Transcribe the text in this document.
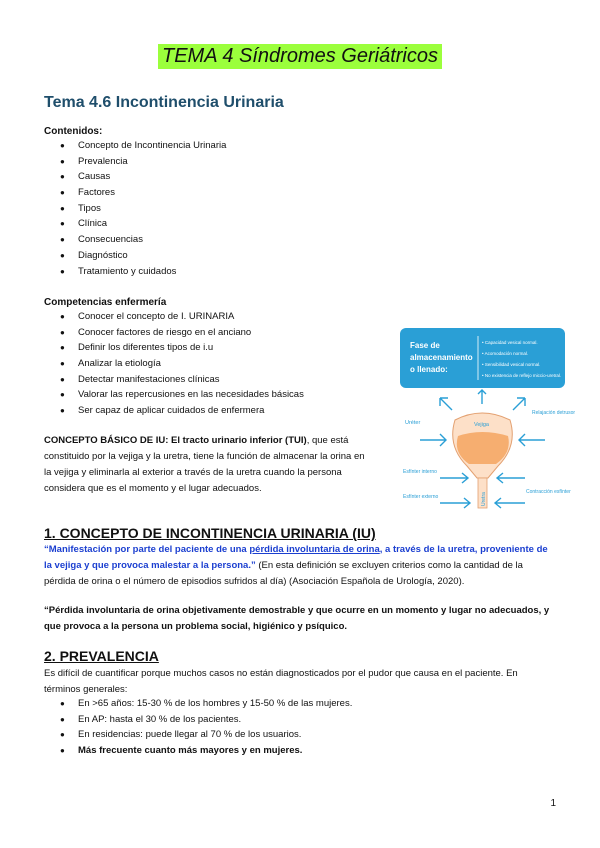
TEMA 4 Síndromes Geriátricos
Tema 4.6 Incontinencia Urinaria
Contenidos:
● Concepto de Incontinencia Urinaria
● Prevalencia
● Causas
● Factores
● Tipos
● Clínica
● Consecuencias
● Diagnóstico
● Tratamiento y cuidados
Competencias enfermería
● Conocer el concepto de I. URINARIA
● Conocer factores de riesgo en el anciano
● Definir los diferentes tipos de i.u
● Analizar la etiología
● Detectar manifestaciones clínicas
● Valorar las repercusiones en las necesidades básicas
● Ser capaz de aplicar cuidados de enfermera
CONCEPTO BÁSICO DE IU: El tracto urinario inferior (TUI), que está constituido por la vejiga y la uretra, tiene la función de almacenar la orina en la vejiga y eliminarla al exterior a través de la uretra cuando la persona considera que es el momento y el lugar adecuados.
Fase de
almacenamiento
o llenado:
• Capacidad vesical normal.
• Acomodación normal.
• Sensibilidad vesical normal.
• No existencia de reflejo miccio-uretral.
Vejiga
Uretra
Uréter
Relajación detrusor
Esfínter interno
Esfínter externo
Contracción esfínter
1. CONCEPTO DE INCONTINENCIA URINARIA (IU)
“Manifestación por parte del paciente de una pérdida involuntaria de orina, a través de la uretra, proveniente de la vejiga y que provoca malestar a la persona.” (En esta definición se excluyen criterios como la cantidad de la pérdida de orina o el número de episodios sufridos al día) (Asociación Española de Urología, 2020).
“Pérdida involuntaria de orina objetivamente demostrable y que ocurre en un momento y lugar no adecuados, y que provoca a la persona un problema social, higiénico y psíquico.
2. PREVALENCIA
Es difícil de cuantificar porque muchos casos no están diagnosticados por el pudor que causa en el paciente. En términos generales:
● En >65 años: 15-30 % de los hombres y 15-50 % de las mujeres.
● En AP: hasta el 30 % de los pacientes.
● En residencias: puede llegar al 70 % de los usuarios.
● Más frecuente cuanto más mayores y en mujeres.
1
